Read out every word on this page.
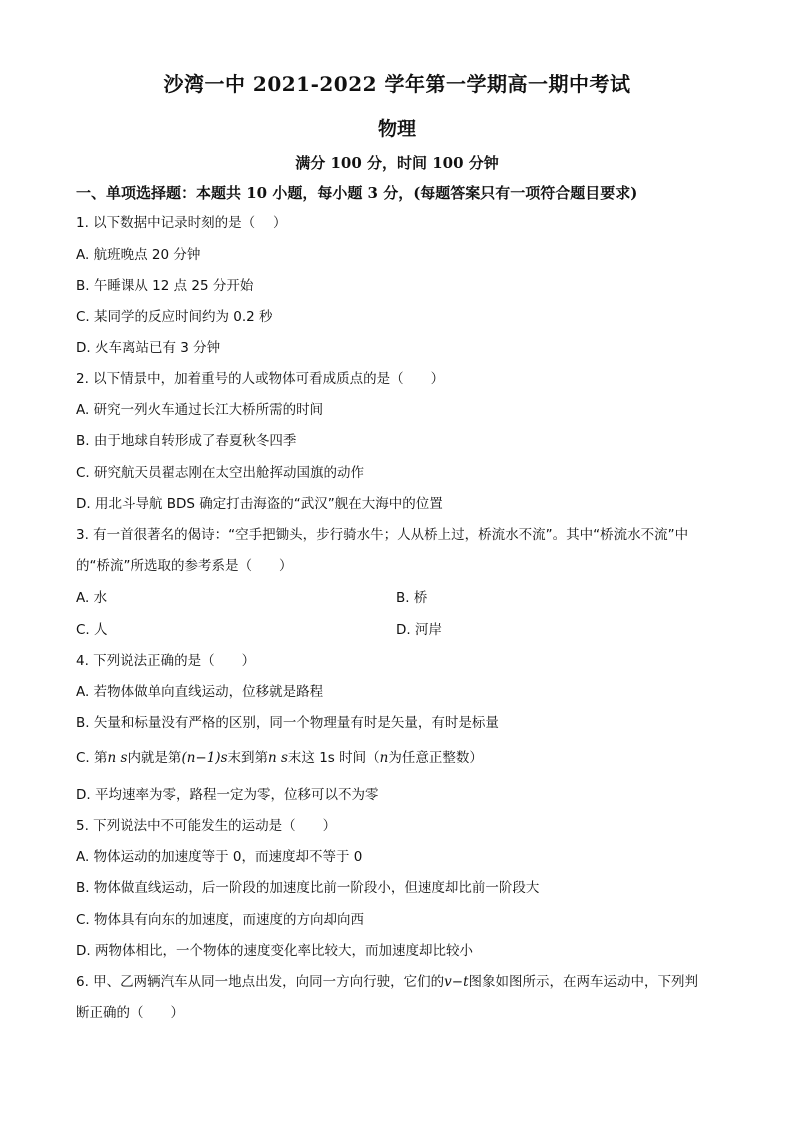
沙湾一中 2021-2022 学年第一学期高一期中考试
物理
满分 100 分，时间 100 分钟
一、单项选择题：本题共 10 小题，每小题 3 分，(每题答案只有一项符合题目要求)
1. 以下数据中记录时刻的是（　 ）
A. 航班晚点 20 分钟
B. 午睡课从 12 点 25 分开始
C. 某同学的反应时间约为 0.2 秒
D. 火车离站已有 3 分钟
2. 以下情景中，加着重号的人或物体可看成质点的是（　　）
A. 研究一列火车通过长江大桥所需的时间
B. 由于地球自转形成了春夏秋冬四季
C. 研究航天员翟志刚在太空出舱挥动国旗的动作
D. 用北斗导航 BDS 确定打击海盗的“武汉”舰在大海中的位置
3. 有一首很著名的偈诗：“空手把锄头，步行骑水牛；人从桥上过，桥流水不流”。其中“桥流水不流”中
的“桥流”所选取的参考系是（　　）
A. 水	B. 桥
C. 人	D. 河岸
4. 下列说法正确的是（　　）
A. 若物体做单向直线运动，位移就是路程
B. 矢量和标量没有严格的区别，同一个物理量有时是矢量，有时是标量
C. 第n s内就是第(n−1)s末到第n s末这 1s 时间（n为任意正整数）
D. 平均速率为零，路程一定为零，位移可以不为零
5. 下列说法中不可能发生的运动是（　　）
A. 物体运动的加速度等于 0，而速度却不等于 0
B. 物体做直线运动，后一阶段的加速度比前一阶段小，但速度却比前一阶段大
C. 物体具有向东的加速度，而速度的方向却向西
D. 两物体相比，一个物体的速度变化率比较大，而加速度却比较小
6. 甲、乙两辆汽车从同一地点出发，向同一方向行驶，它们的v−t图象如图所示，在两车运动中，下列判
断正确的（　　）
